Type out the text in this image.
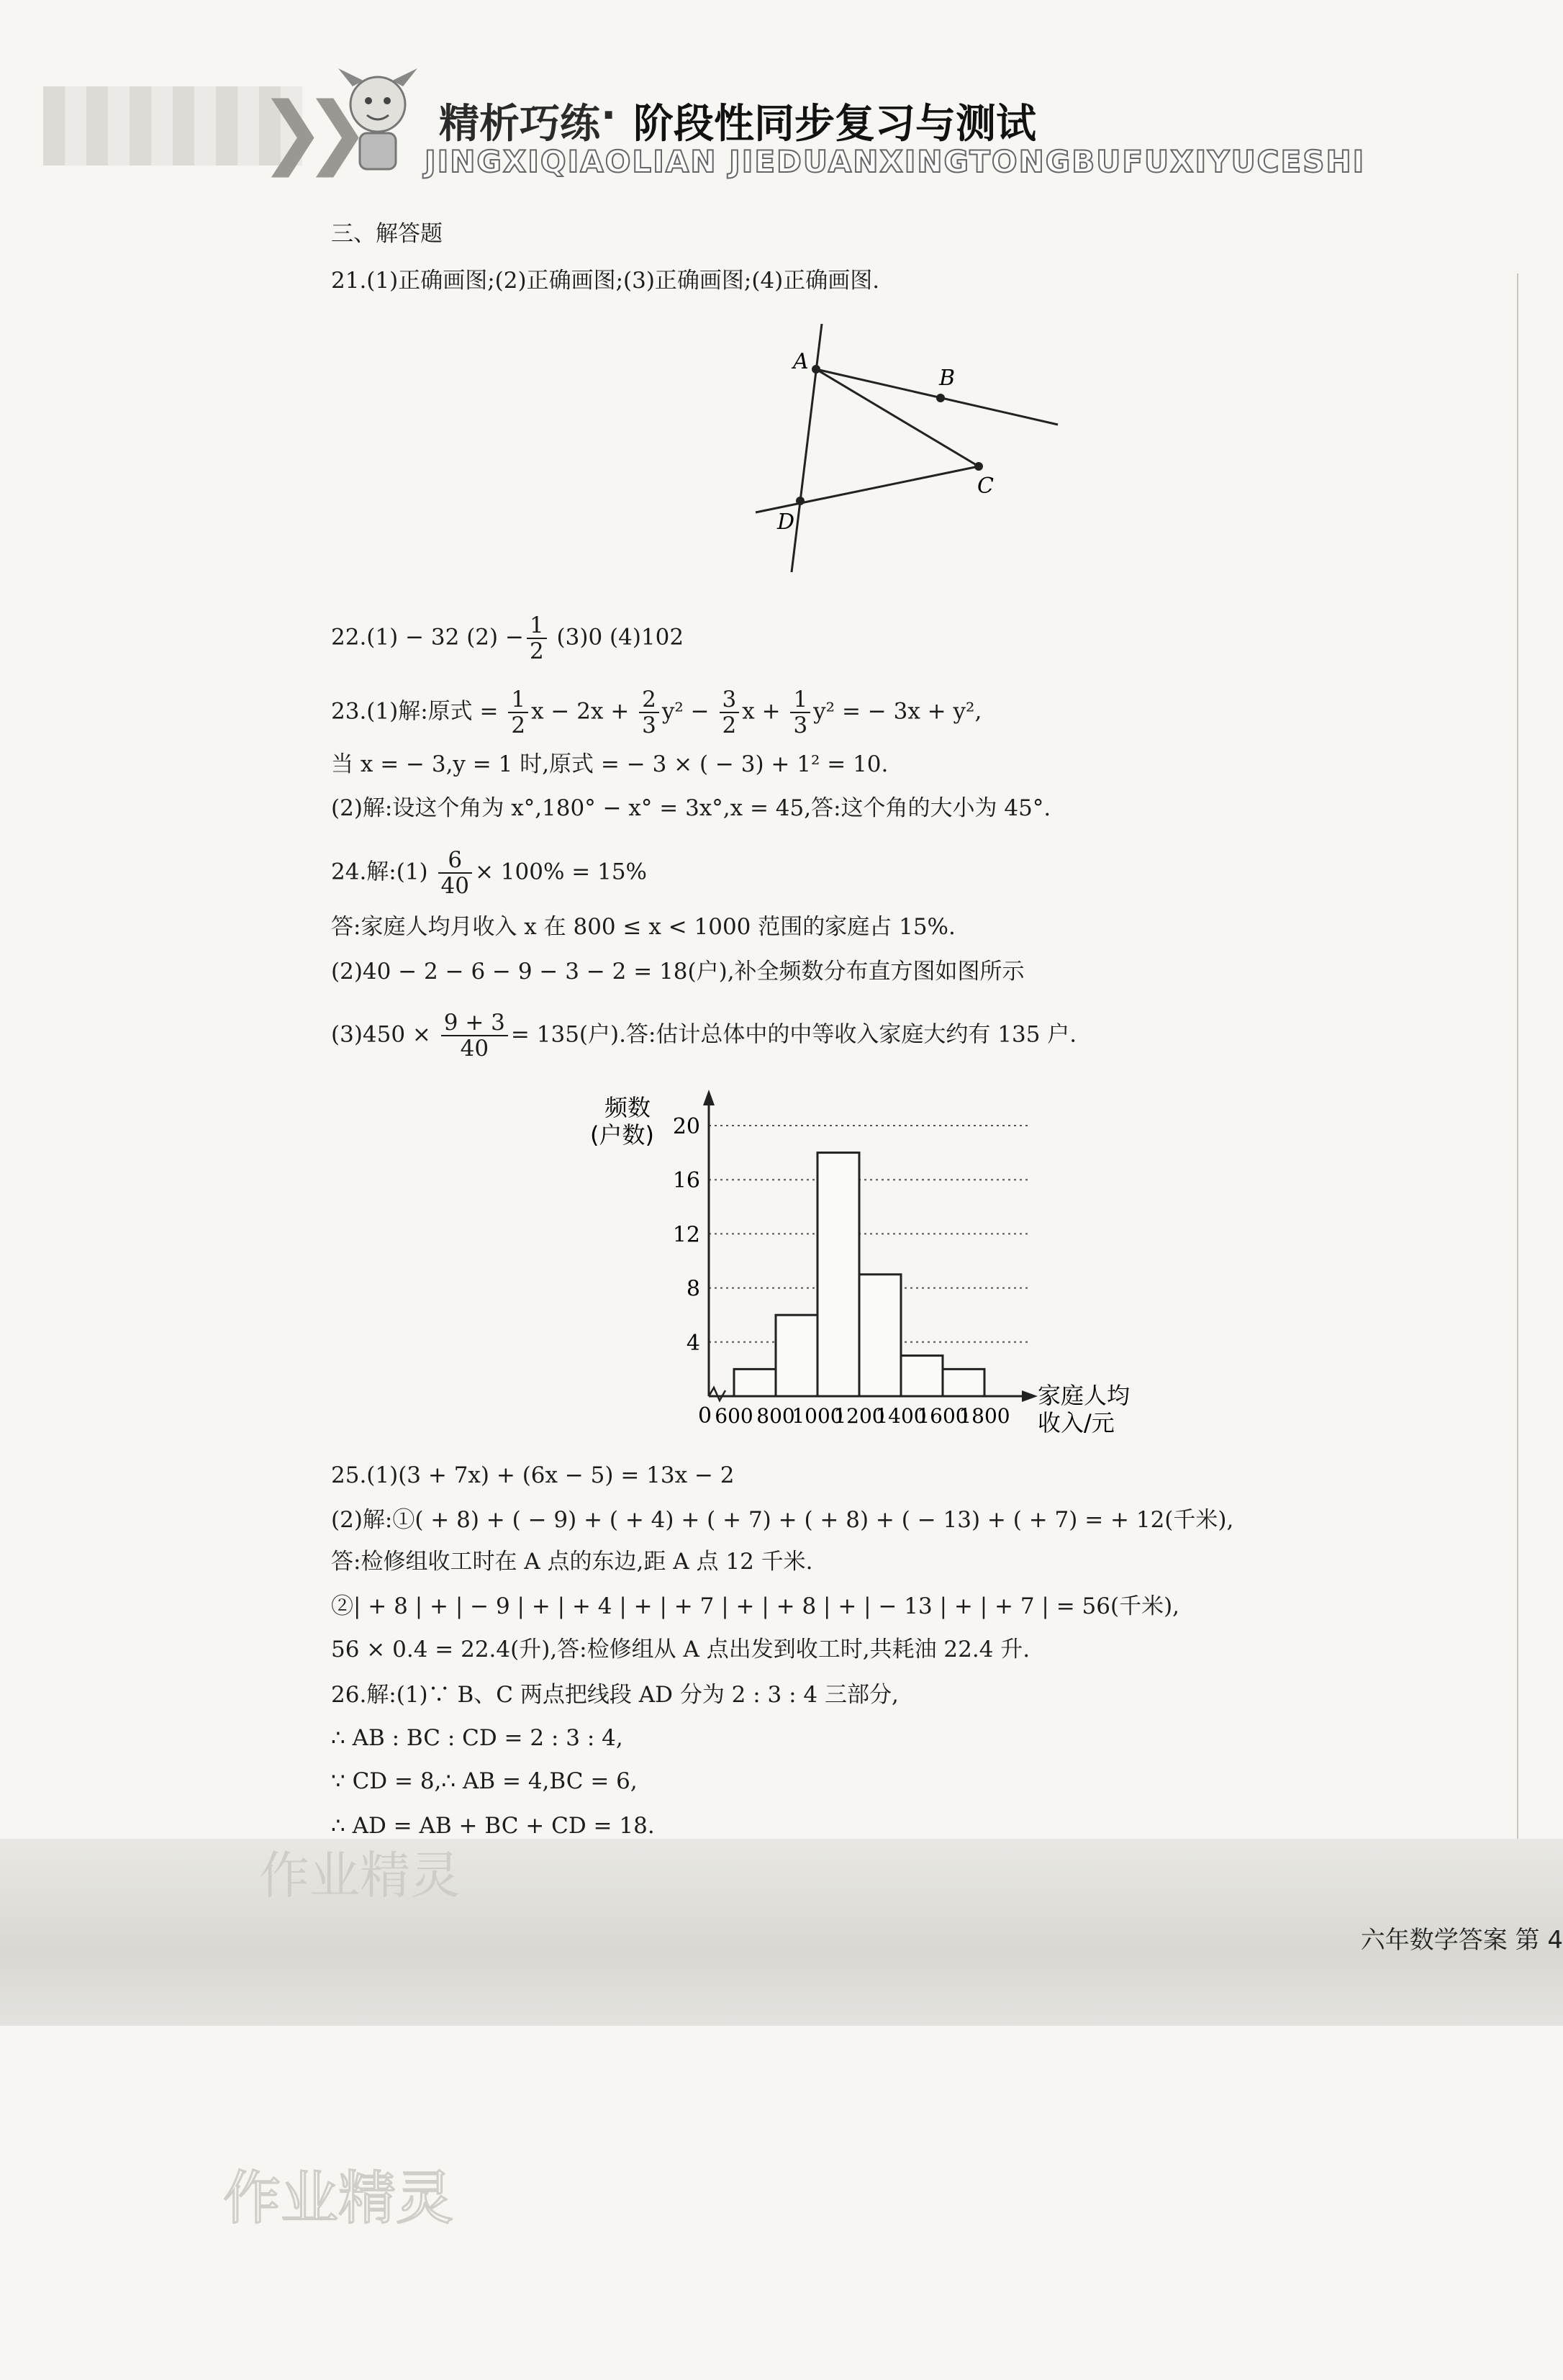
❯❯ 精析巧练 · 阶段性同步复习与测试
JINGXIQIAOLIAN JIEDUANXINGTONGBUFUXIYUCESHI
三、解答题
21.(1)正确画图;(2)正确画图;(3)正确画图;(4)正确画图.
A
B
C
D
22.(1) − 32 $(2) - \frac{1}{2} (3)0$ (4)102
23.(1)解:原式 = $\frac{1}{2}$ $x - 2x + \frac{2}{3} y^2 - \frac{3}{2}$ $x + \frac{1}{3} y^2$ = − 3x + y²,
当 x = − 3,y = 1 时,原式 = − 3 × ( − 3) + 1² = 10.
(2)解:设这个角为 x°,180° − x° = 3x°,x = 45,答:这个角的大小为 45°.
24.解:(1) $\frac{6}{40} \times 100\% = 15\%$
答:家庭人均月收入 x 在 800 ≤ x < 1000 范围的家庭占 15%.
(2)40 − 2 − 6 − 9 − 3 − 2 = 18(户),补全频数分布直方图如图所示
$(3)450 \times \frac{9 + 3}{40} = 135$(户).答:估计总体中的中等收入家庭大约有 135 户.
频数
(户数)
家庭人均
收入/元
0
4
8
12
16
20
600 800
1000
1200
1400
1600
1800
25.(1)(3 + 7x) + (6x − 5) = 13x − 2
(2)解:①( + 8) + ( − 9) + ( + 4) + ( + 7) + ( + 8) + ( − 13) + ( + 7) = + 12(千米),
答:检修组收工时在 A 点的东边,距 A 点 12 千米.
②| + 8 | + | − 9 | + | + 4 | + | + 7 | + | + 8 | + | − 13 | + | + 7 | = 56(千米),
56 × 0.4 = 22.4(升),答:检修组从 A 点出发到收工时,共耗油 22.4 升.
26.解:(1)∵ B、C 两点把线段 AD 分为 2 : 3 : 4 三部分,
∴ AB : BC : CD = 2 : 3 : 4,
∵ CD = 8,∴ AB = 4,BC = 6,
∴ AD = AB + BC + CD = 18.
作业精灵
六年数学答案 第 4
作业精灵
